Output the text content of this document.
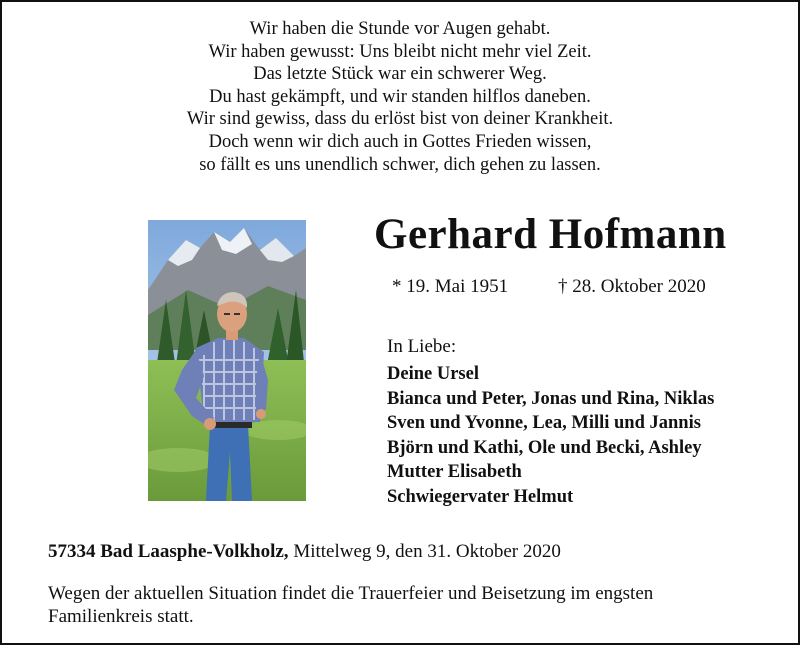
Wir haben die Stunde vor Augen gehabt.
Wir haben gewusst: Uns bleibt nicht mehr viel Zeit.
Das letzte Stück war ein schwerer Weg.
Du hast gekämpft, und wir standen hilflos daneben.
Wir sind gewiss, dass du erlöst bist von deiner Krankheit.
Doch wenn wir dich auch in Gottes Frieden wissen,
so fällt es uns unendlich schwer, dich gehen zu lassen.
Gerhard Hofmann
* 19. Mai 1951	† 28. Oktober 2020
In Liebe:
Deine Ursel
Bianca und Peter, Jonas und Rina, Niklas
Sven und Yvonne, Lea, Milli und Jannis
Björn und Kathi, Ole und Becki, Ashley
Mutter Elisabeth
Schwiegervater Helmut
57334 Bad Laasphe-Volkholz, Mittelweg 9, den 31. Oktober 2020
Wegen der aktuellen Situation findet die Trauerfeier und Beisetzung im engsten
Familienkreis statt.
